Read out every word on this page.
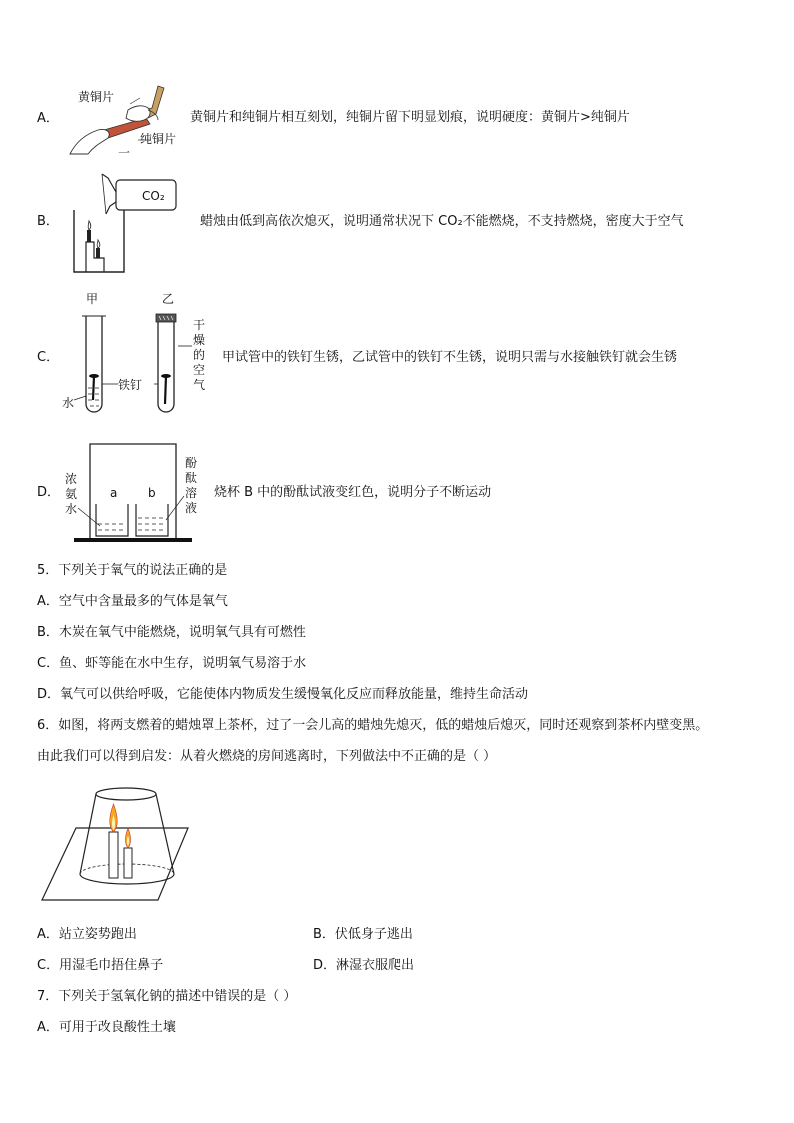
A．
黄铜片
纯铜片
一
黄铜片和纯铜片相互刻划，纯铜片留下明显划痕，说明硬度：黄铜片>纯铜片
B．
CO₂
蜡烛由低到高依次熄灭，说明通常状况下 CO₂不能燃烧，不支持燃烧，密度大于空气
C．
甲	乙
干燥的空气
铁钉
水
甲试管中的铁钉生锈，乙试管中的铁钉不生锈，说明只需与水接触铁钉就会生锈
D．
浓氨水
酚酞溶液
a	b	烧杯 B 中的酚酞试液变红色，说明分子不断运动
5．下列关于氧气的说法正确的是
A．空气中含量最多的气体是氧气
B．木炭在氧气中能燃烧，说明氧气具有可燃性
C．鱼、虾等能在水中生存，说明氧气易溶于水
D．氧气可以供给呼吸，它能使体内物质发生缓慢氧化反应而释放能量，维持生命活动
6．如图，将两支燃着的蜡烛罩上茶杯，过了一会儿高的蜡烛先熄灭，低的蜡烛后熄灭，同时还观察到茶杯内壁变黑。
由此我们可以得到启发：从着火燃烧的房间逃离时，下列做法中不正确的是（ ）
A．站立姿势跑出	B．伏低身子逃出
C．用湿毛巾捂住鼻子	D．淋湿衣服爬出
7．下列关于氢氧化钠的描述中错误的是（ ）
A．可用于改良酸性土壤
